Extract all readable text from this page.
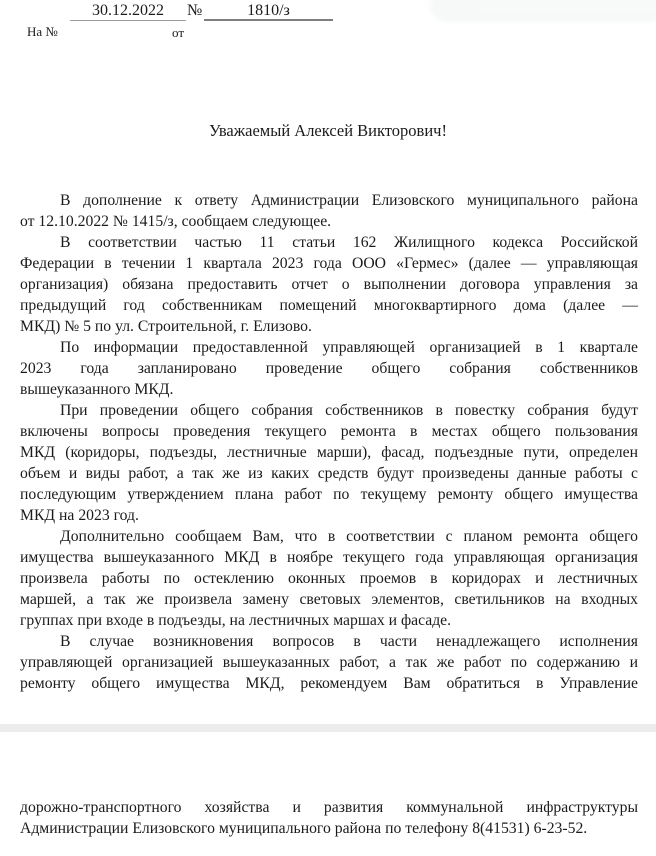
30.12.2022	№	1810/з
На №	от
Уважаемый Алексей Викторович!
В дополнение к ответу Администрации Елизовского муниципального района
от 12.10.2022 № 1415/з, сообщаем следующее.
В соответствии частью 11 статьи 162 Жилищного кодекса Российской
Федерации в течении 1 квартала 2023 года ООО «Гермес» (далее — управляющая
организация) обязана предоставить отчет о выполнении договора управления за
предыдущий год собственникам помещений многоквартирного дома (далее —
МКД) № 5 по ул. Строительной, г. Елизово.
По информации предоставленной управляющей организацией в 1 квартале
2023 года запланировано проведение общего собрания собственников
вышеуказанного МКД.
При проведении общего собрания собственников в повестку собрания будут
включены вопросы проведения текущего ремонта в местах общего пользования
МКД (коридоры, подъезды, лестничные марши), фасад, подъездные пути, определен
объем и виды работ, а так же из каких средств будут произведены данные работы с
последующим утверждением плана работ по текущему ремонту общего имущества
МКД на 2023 год.
Дополнительно сообщаем Вам, что в соответствии с планом ремонта общего
имущества вышеуказанного МКД в ноябре текущего года управляющая организация
произвела работы по остеклению оконных проемов в коридорах и лестничных
маршей, а так же произвела замену световых элементов, светильников на входных
группах при входе в подъезды, на лестничных маршах и фасаде.
В случае возникновения вопросов в части ненадлежащего исполнения
управляющей организацией вышеуказанных работ, а так же работ по содержанию и
ремонту общего имущества МКД, рекомендуем Вам обратиться в Управление
дорожно-транспортного хозяйства и развития коммунальной инфраструктуры
Администрации Елизовского муниципального района по телефону 8(41531) 6-23-52.
